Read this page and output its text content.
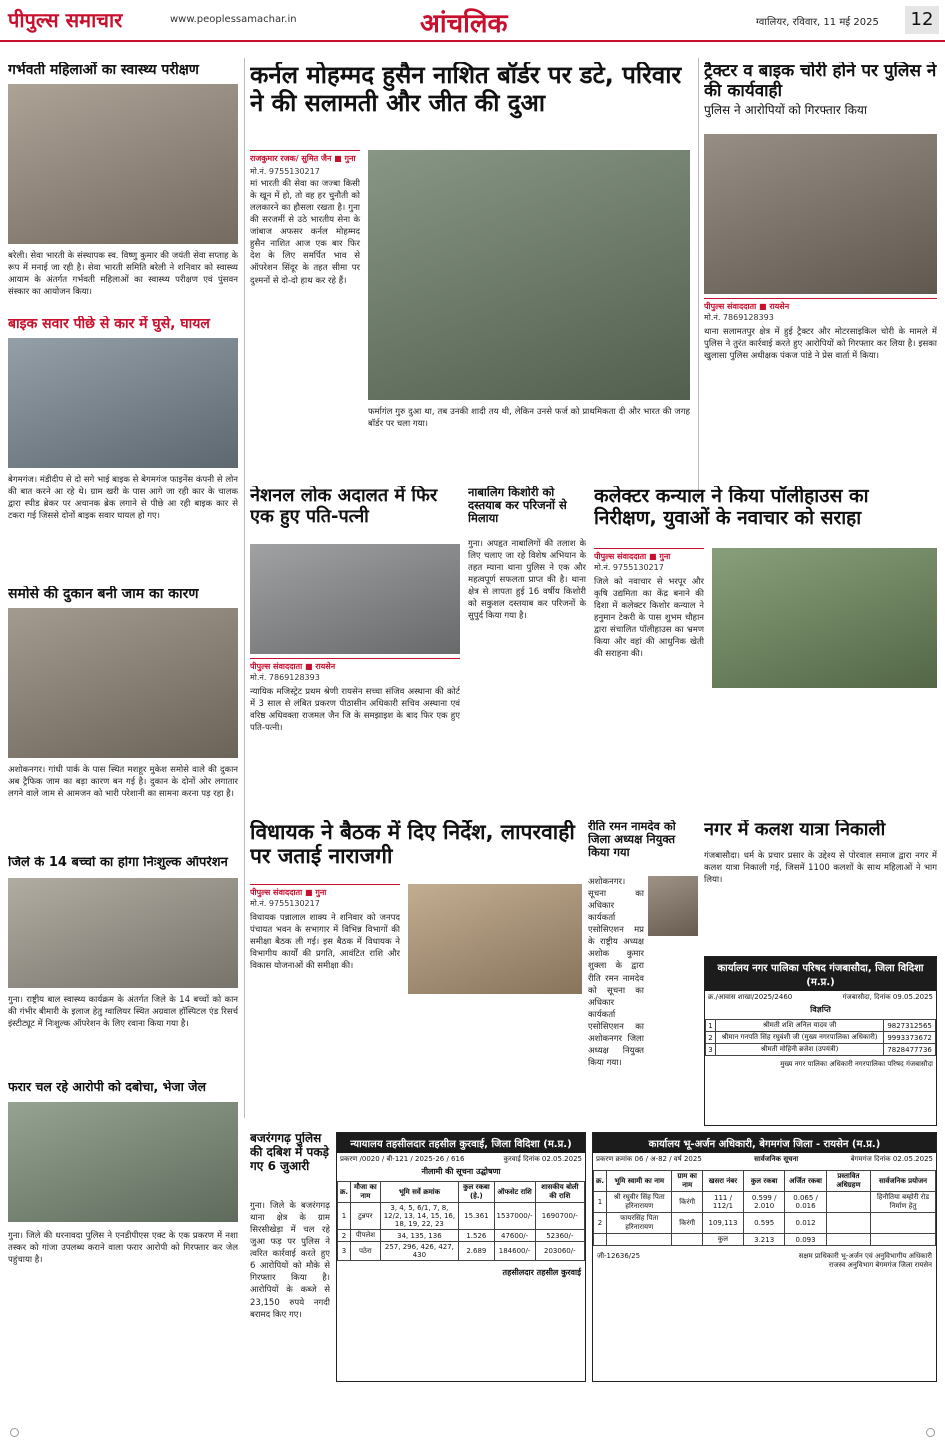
पीपुल्स समाचार	www.peoplessamachar.in	आंचलिक	ग्वालियर, रविवार, 11 मई 2025	12
गर्भवती महिलाओं का स्वास्थ्य परीक्षण
बरेली। सेवा भारती के संस्थापक स्व. विष्णु कुमार की जयंती सेवा सप्ताह के रूप में मनाई जा रही है। सेवा भारती समिति बरेली ने शनिवार को स्वास्थ्य आयाम के अंतर्गत गर्भवती महिलाओं का स्वास्थ्य परीक्षण एवं पुंसवन संस्कार का आयोजन किया।
बाइक सवार पीछे से कार में घुसे, घायल
बेगमगंज। मंडीदीप से दो सगे भाई बाइक से बेगमगंज फाइनेंस कंपनी से लोन की बात करने आ रहे थे। ग्राम खरी के पास आगे जा रही कार के चालक द्वारा स्पीड ब्रेकर पर अचानक ब्रेक लगाने से पीछे आ रही बाइक कार से टकरा गई जिससे दोनों बाइक सवार घायल हो गए।
समोसे की दुकान बनी जाम का कारण
अशोकनगर। गांधी पार्क के पास स्थित मशहूर मुकेश समोसे वाले की दुकान अब ट्रैफिक जाम का बड़ा कारण बन गई है। दुकान के दोनों ओर लगातार लगने वाले जाम से आमजन को भारी परेशानी का सामना करना पड़ रहा है।
जिले के 14 बच्चों का होगा निःशुल्क ऑपरेशन
गुना। राष्ट्रीय बाल स्वास्थ्य कार्यक्रम के अंतर्गत जिले के 14 बच्चों को कान की गंभीर बीमारी के इलाज हेतु ग्वालियर स्थित अग्रवाल हॉस्पिटल एंड रिसर्च इंस्टीट्यूट में निःशुल्क ऑपरेशन के लिए रवाना किया गया है।
फरार चल रहे आरोपी को दबोचा, भेजा जेल
गुना। जिले की धरनावदा पुलिस ने एनडीपीएस एक्ट के एक प्रकरण में नशा तस्कर को गांजा उपलब्ध कराने वाला फरार आरोपी को गिरफ्तार कर जेल पहुंचाया है।
कर्नल मोहम्मद हुसैन नाशित बॉर्डर पर डटे, परिवार ने की सलामती और जीत की दुआ
राजकुमार रजक/ सुमित जैन ■ गुना
मो.नं. 9755130217
मां भारती की सेवा का जज्बा किसी के खून में हो, तो वह हर चुनौती को ललकारने का हौसला रखता है। गुना की सरजमीं से उठे भारतीय सेना के जांबाज अफसर कर्नल मोहम्मद हुसैन नाशित आज एक बार फिर देश के लिए समर्पित भाव से ऑपरेशन सिंदूर के तहत सीमा पर दुश्मनों से दो-दो हाथ कर रहे हैं।
फर्मागंल गुरु दुआ था, तब उनकी शादी तय थी, लेकिन उनसे फर्ज को प्राथमिकता दी और भारत की जगह बॉर्डर पर चला गया।
ट्रैक्टर व बाइक चोरी होने पर पुलिस ने की कार्यवाही
पुलिस ने आरोपियों को गिरफ्तार किया
पीपुल्स संवाददाता ■ रायसेन
मो.नं. 7869128393
थाना सलामतपुर क्षेत्र में हुई ट्रैक्टर और मोटरसाइकिल चोरी के मामले में पुलिस ने तुरंत कार्रवाई करते हुए आरोपियों को गिरफ्तार कर लिया है। इसका खुलासा पुलिस अधीक्षक पंकज पांडे ने प्रेस वार्ता में किया।
नेशनल लोक अदालत में फिर एक हुए पति-पत्नी
पीपुल्स संवाददाता ■ रायसेन
मो.नं. 7869128393
न्यायिक मजिस्ट्रेट प्रथम श्रेणी रायसेन सच्चा संजिव अस्थाना की कोर्ट में 3 साल से लंबित प्रकरण पीठासीन अधिकारी सचिव अस्थाना एवं वरिष्ठ अधिवक्ता राजमल जैन जि के समझाइश के बाद फिर एक हुए पति-पत्नी।
नाबालिग किशोरी को दस्तयाब कर परिजनों से मिलाया
गुना। अपहृत नाबालिगों की तलाश के लिए चलाए जा रहे विशेष अभियान के तहत म्याना थाना पुलिस ने एक और महत्वपूर्ण सफलता प्राप्त की है। थाना क्षेत्र से लापता हुई 16 वर्षीय किशोरी को सकुशल दस्तयाब कर परिजनों के सुपुर्द किया गया है।
कलेक्टर कन्याल ने किया पॉलीहाउस का निरीक्षण, युवाओं के नवाचार को सराहा
पीपुल्स संवाददाता ■ गुना
मो.नं. 9755130217
जिले को नवाचार से भरपूर और कृषि उद्यमिता का केंद्र बनाने की दिशा में कलेक्टर किशोर कन्याल ने हनुमान टेकरी के पास शुभम चौहान द्वारा संचालित पॉलीहाउस का भ्रमण किया और वहां की आधुनिक खेती की सराहना की।
विधायक ने बैठक में दिए निर्देश, लापरवाही पर जताई नाराजगी
पीपुल्स संवाददाता ■ गुना
मो.नं. 9755130217
विधायक पन्नालाल शाक्य ने शनिवार को जनपद पंचायत भवन के सभागार में विभिन्न विभागों की समीक्षा बैठक ली गई। इस बैठक में विधायक ने विभागीय कार्यों की प्रगति, आवंटित राशि और विकास योजनाओं की समीक्षा की।
रीति रमन नामदेव को जिला अध्यक्ष नियुक्त किया गया
अशोकनगर। सूचना का अधिकार कार्यकर्ता एसोसिएशन मप्र के राष्ट्रीय अध्यक्ष अशोक कुमार शुक्ला के द्वारा रीति रमन नामदेव को सूचना का अधिकार कार्यकर्ता एसोसिएशन का अशोकनगर जिला अध्यक्ष नियुक्त किया गया।
नगर में कलश यात्रा निकाली
गंजबासौदा। धर्म के प्रचार प्रसार के उद्देश्य से पोरवाल समाज द्वारा नगर में कलश यात्रा निकाली गई, जिसमें 1100 कलशों के साथ महिलाओं ने भाग लिया।
कार्यालय नगर पालिका परिषद गंजबासौदा, जिला विदिशा (म.प्र.)
क्र./आवास शाखा/2025/2460	गंजबासौदा, दिनांक 09.05.2025
विज्ञप्ति
1	श्रीमती शशि अनिल यादव जी	9827312565
2	श्रीमान गनपति सिंह रघुवंशी जी (मुख्य नगरपालिका अधिकारी)	9993373672
3	श्रीमती मोहिनी ब्रजेश (उपयंत्री)	7828477736
मुख्य नगर पालिका अधिकारी नगरपालिका परिषद गंजबासौदा
बजरंगगढ़ पुलिस की दबिश में पकड़े गए 6 जुआरी
गुना। जिले के बजरंगगढ़ थाना क्षेत्र के ग्राम सिरसीखेड़ा में चल रहे जुआ फड़ पर पुलिस ने त्वरित कार्रवाई करते हुए 6 आरोपियों को मौके से गिरफ्तार किया है। आरोपियों के कब्जे से 23,150 रुपये नगदी बरामद किए गए।
न्यायालय तहसीलदार तहसील कुरवाई, जिला विदिशा (म.प्र.)
प्रकरण /0020 / बी-121 / 2025-26 / 616	कुरवाई दिनांक 02.05.2025
नीलामी की सूचना उद्घोषणा
क्र.	मौजा का नाम	भूमि सर्वे क्रमांक	कुल रकबा (हे.)	ऑफसेट राशि	शासकीय बोली की राशि
1	टुन्नपर	3, 4, 5, 6/1, 7, 8, 12/2, 13, 14, 15, 16, 18, 19, 22, 23	15.361	1537000/-	1690700/-
2	पीपलेश	34, 135, 136	1.526	47600/-	52360/-
3	पठेरा	257, 296, 426, 427, 430	2.689	184600/-	203060/-
तहसीलदार तहसील कुरवाई
कार्यालय भू-अर्जन अधिकारी, बेगमगंज जिला - रायसेन (म.प्र.)
प्रकरण क्रमांक 06 / अ-82 / वर्ष 2025	सार्वजनिक सूचना	बेगमगंज दिनांक 02.05.2025
क्र.	भूमि स्वामी का नाम	ग्राम का नाम	खसरा नंबर	कुल रकबा	अर्जित रकबा	प्रस्तावित अधिग्रहण	सार्वजनिक प्रयोजन
1	श्री रघुवीर सिंह पिता हरिनारायण	किरंगी	111 / 112/1	0.599 / 2.010	0.065 / 0.016		हिनौतिया बम्होरी रोड निर्माण हेतु
2	फायरसिंह पिता हरिनारायण	किरंगी	109,113	0.595	0.012		
			कुल	3.213	0.093		
जी-12636/25	सक्षम प्राधिकारी भू-अर्जन एवं अनुविभागीय अधिकारी राजस्व अनुविभाग बेगमगंज जिला रायसेन
